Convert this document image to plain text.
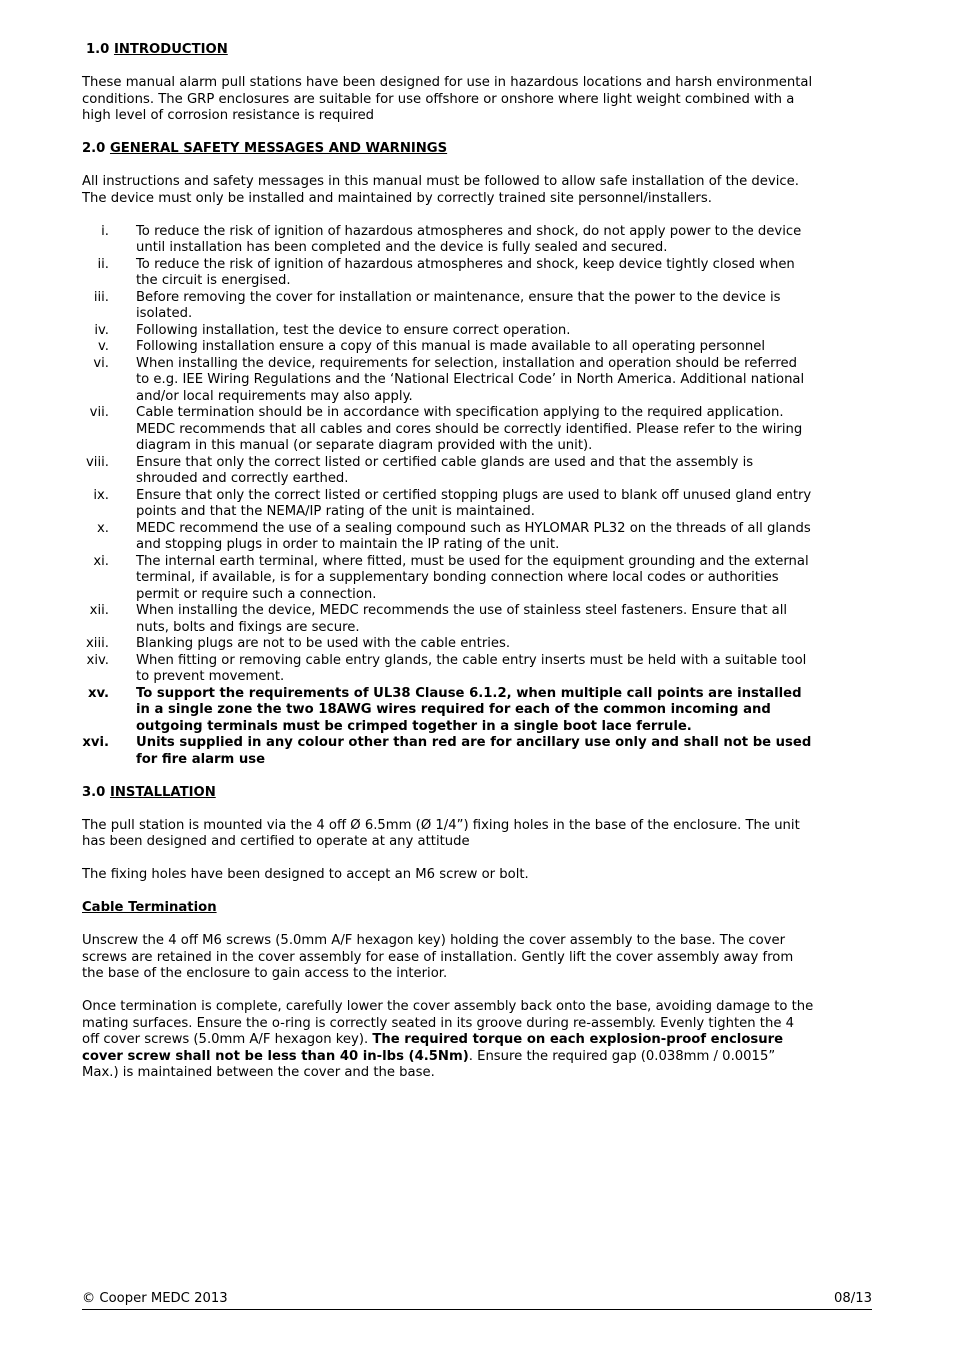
1.0 INTRODUCTION

These manual alarm pull stations have been designed for use in hazardous locations and harsh environmental conditions. The GRP enclosures are suitable for use offshore or onshore where light weight combined with a high level of corrosion resistance is required

2.0 GENERAL SAFETY MESSAGES AND WARNINGS

All instructions and safety messages in this manual must be followed to allow safe installation of the device. The device must only be installed and maintained by correctly trained site personnel/installers.

i. To reduce the risk of ignition of hazardous atmospheres and shock, do not apply power to the device until installation has been completed and the device is fully sealed and secured.
ii. To reduce the risk of ignition of hazardous atmospheres and shock, keep device tightly closed when the circuit is energised.
iii. Before removing the cover for installation or maintenance, ensure that the power to the device is isolated.
iv. Following installation, test the device to ensure correct operation.
v. Following installation ensure a copy of this manual is made available to all operating personnel
vi. When installing the device, requirements for selection, installation and operation should be referred to e.g. IEE Wiring Regulations and the ‘National Electrical Code’ in North America. Additional national and/or local requirements may also apply.
vii. Cable termination should be in accordance with specification applying to the required application. MEDC recommends that all cables and cores should be correctly identified. Please refer to the wiring diagram in this manual (or separate diagram provided with the unit).
viii. Ensure that only the correct listed or certified cable glands are used and that the assembly is shrouded and correctly earthed.
ix. Ensure that only the correct listed or certified stopping plugs are used to blank off unused gland entry points and that the NEMA/IP rating of the unit is maintained.
x. MEDC recommend the use of a sealing compound such as HYLOMAR PL32 on the threads of all glands and stopping plugs in order to maintain the IP rating of the unit.
xi. The internal earth terminal, where fitted, must be used for the equipment grounding and the external terminal, if available, is for a supplementary bonding connection where local codes or authorities permit or require such a connection.
xii. When installing the device, MEDC recommends the use of stainless steel fasteners. Ensure that all nuts, bolts and fixings are secure.
xiii. Blanking plugs are not to be used with the cable entries.
xiv. When fitting or removing cable entry glands, the cable entry inserts must be held with a suitable tool to prevent movement.
xv. To support the requirements of UL38 Clause 6.1.2, when multiple call points are installed in a single zone the two 18AWG wires required for each of the common incoming and outgoing terminals must be crimped together in a single boot lace ferrule.
xvi. Units supplied in any colour other than red are for ancillary use only and shall not be used for fire alarm use

3.0 INSTALLATION

The pull station is mounted via the 4 off Ø 6.5mm (Ø 1/4”) fixing holes in the base of the enclosure. The unit has been designed and certified to operate at any attitude

The fixing holes have been designed to accept an M6 screw or bolt.

Cable Termination

Unscrew the 4 off M6 screws (5.0mm A/F hexagon key) holding the cover assembly to the base. The cover screws are retained in the cover assembly for ease of installation. Gently lift the cover assembly away from the base of the enclosure to gain access to the interior.

Once termination is complete, carefully lower the cover assembly back onto the base, avoiding damage to the mating surfaces. Ensure the o-ring is correctly seated in its groove during re-assembly. Evenly tighten the 4 off cover screws (5.0mm A/F hexagon key). The required torque on each explosion-proof enclosure cover screw shall not be less than 40 in-lbs (4.5Nm). Ensure the required gap (0.038mm / 0.0015” Max.) is maintained between the cover and the base.

© Cooper MEDC 2013	08/13
